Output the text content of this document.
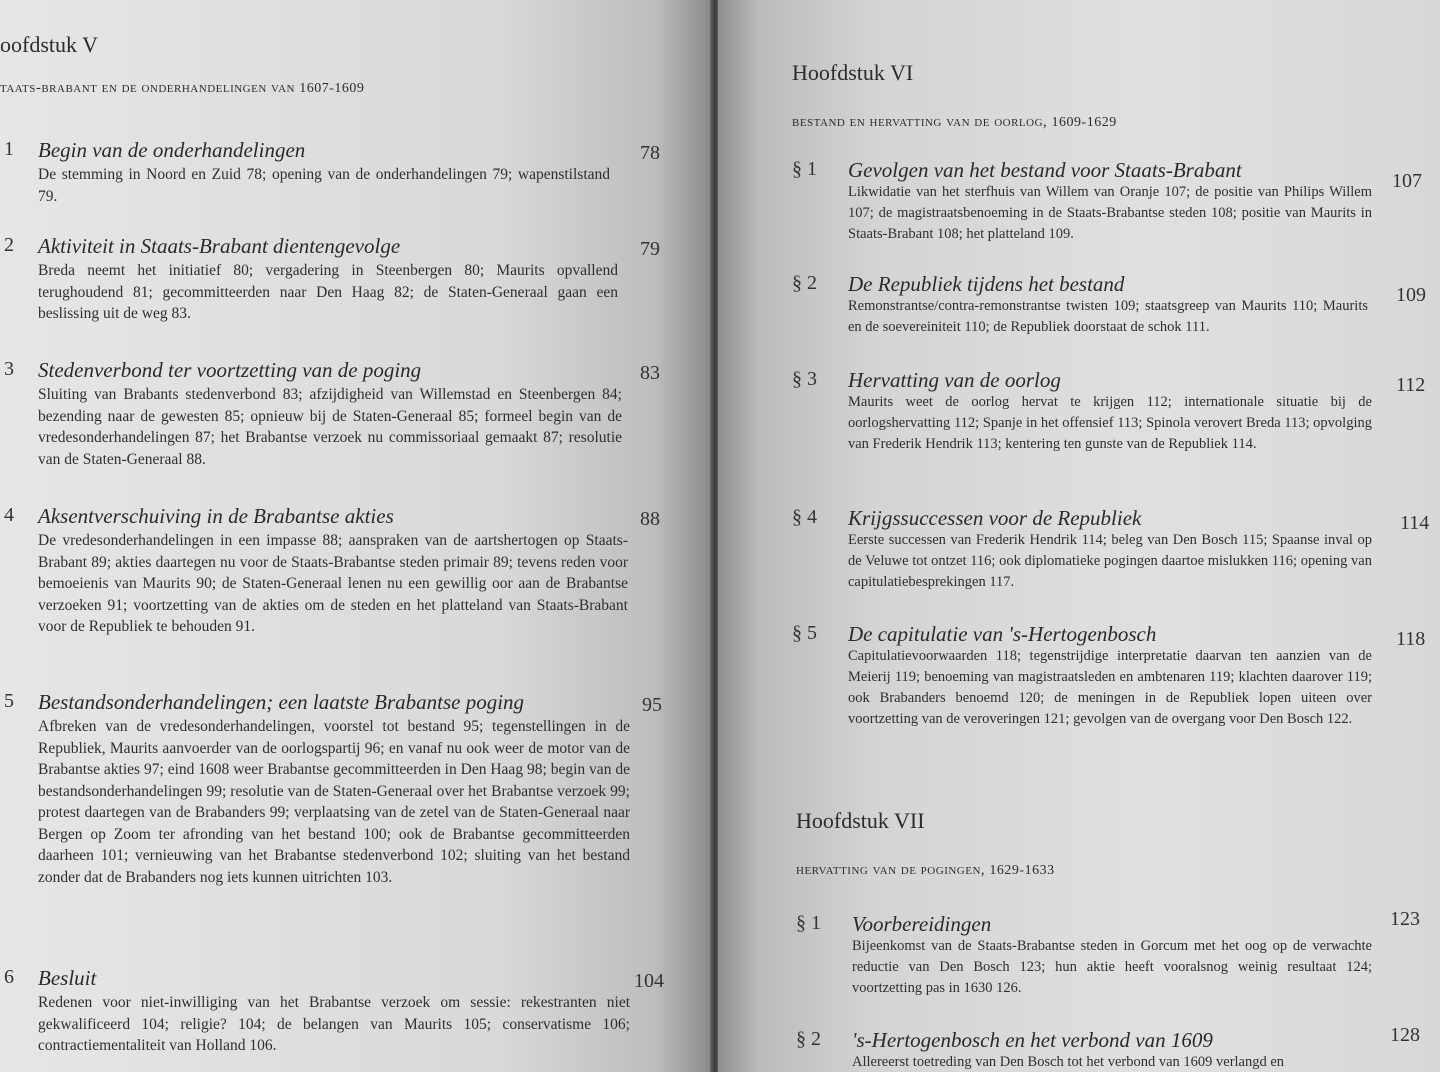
oofdstuk V
taats-brabant en de onderhandelingen van 1607-1609
1 Begin van de onderhandelingen	78
De stemming in Noord en Zuid 78; opening van de onderhandelingen 79; wapenstilstand 79.
2 Aktiviteit in Staats-Brabant dientengevolge	79
Breda neemt het initiatief 80; vergadering in Steenbergen 80; Maurits opvallend terughoudend 81; gecommitteerden naar Den Haag 82; de Staten-Generaal gaan een beslissing uit de weg 83.
3 Stedenverbond ter voortzetting van de poging	83
Sluiting van Brabants stedenverbond 83; afzijdigheid van Willemstad en Steenbergen 84; bezending naar de gewesten 85; opnieuw bij de Staten-Generaal 85; formeel begin van de vredesonderhandelingen 87; het Brabantse verzoek nu commissoriaal gemaakt 87; resolutie van de Staten-Generaal 88.
4 Aksentverschuiving in de Brabantse akties	88
De vredesonderhandelingen in een impasse 88; aanspraken van de aartshertogen op Staats-Brabant 89; akties daartegen nu voor de Staats-Brabantse steden primair 89; tevens reden voor bemoeienis van Maurits 90; de Staten-Generaal lenen nu een gewillig oor aan de Brabantse verzoeken 91; voortzetting van de akties om de steden en het platteland van Staats-Brabant voor de Republiek te behouden 91.
5 Bestandsonderhandelingen; een laatste Brabantse poging	95
Afbreken van de vredesonderhandelingen, voorstel tot bestand 95; tegenstellingen in de Republiek, Maurits aanvoerder van de oorlogspartij 96; en vanaf nu ook weer de motor van de Brabantse akties 97; eind 1608 weer Brabantse gecommitteerden in Den Haag 98; begin van de bestandsonderhandelingen 99; resolutie van de Staten-Generaal over het Brabantse verzoek 99; protest daartegen van de Brabanders 99; verplaatsing van de zetel van de Staten-Generaal naar Bergen op Zoom ter afronding van het bestand 100; ook de Brabantse gecommitteerden daarheen 101; vernieuwing van het Brabantse stedenverbond 102; sluiting van het bestand zonder dat de Brabanders nog iets kunnen uitrichten 103.
6 Besluit	104
Redenen voor niet-inwilliging van het Brabantse verzoek om sessie: rekestranten niet gekwalificeerd 104; religie? 104; de belangen van Maurits 105; conservatisme 106; contractiementaliteit van Holland 106.
Hoofdstuk VI
bestand en hervatting van de oorlog, 1609-1629
§ 1 Gevolgen van het bestand voor Staats-Brabant	107
Likwidatie van het sterfhuis van Willem van Oranje 107; de positie van Philips Willem 107; de magistraatsbenoeming in de Staats-Brabantse steden 108; positie van Maurits in Staats-Brabant 108; het platteland 109.
§ 2 De Republiek tijdens het bestand	109
Remonstrantse/contra-remonstrantse twisten 109; staatsgreep van Maurits 110; Maurits en de soevereiniteit 110; de Republiek doorstaat de schok 111.
§ 3 Hervatting van de oorlog	112
Maurits weet de oorlog hervat te krijgen 112; internationale situatie bij de oorlogshervatting 112; Spanje in het offensief 113; Spinola verovert Breda 113; opvolging van Frederik Hendrik 113; kentering ten gunste van de Republiek 114.
§ 4 Krijgssuccessen voor de Republiek	114
Eerste successen van Frederik Hendrik 114; beleg van Den Bosch 115; Spaanse inval op de Veluwe tot ontzet 116; ook diplomatieke pogingen daartoe mislukken 116; opening van capitulatiebesprekingen 117.
§ 5 De capitulatie van 's-Hertogenbosch	118
Capitulatievoorwaarden 118; tegenstrijdige interpretatie daarvan ten aanzien van de Meierij 119; benoeming van magistraatsleden en ambtenaren 119; klachten daarover 119; ook Brabanders benoemd 120; de meningen in de Republiek lopen uiteen over voortzetting van de veroveringen 121; gevolgen van de overgang voor Den Bosch 122.
Hoofdstuk VII
hervatting van de pogingen, 1629-1633
§ 1 Voorbereidingen	123
Bijeenkomst van de Staats-Brabantse steden in Gorcum met het oog op de verwachte reductie van Den Bosch 123; hun aktie heeft vooralsnog weinig resultaat 124; voortzetting pas in 1630 126.
§ 2 's-Hertogenbosch en het verbond van 1609	128
Allereerst toetreding van Den Bosch tot het verbond van 1609 verlangd en
